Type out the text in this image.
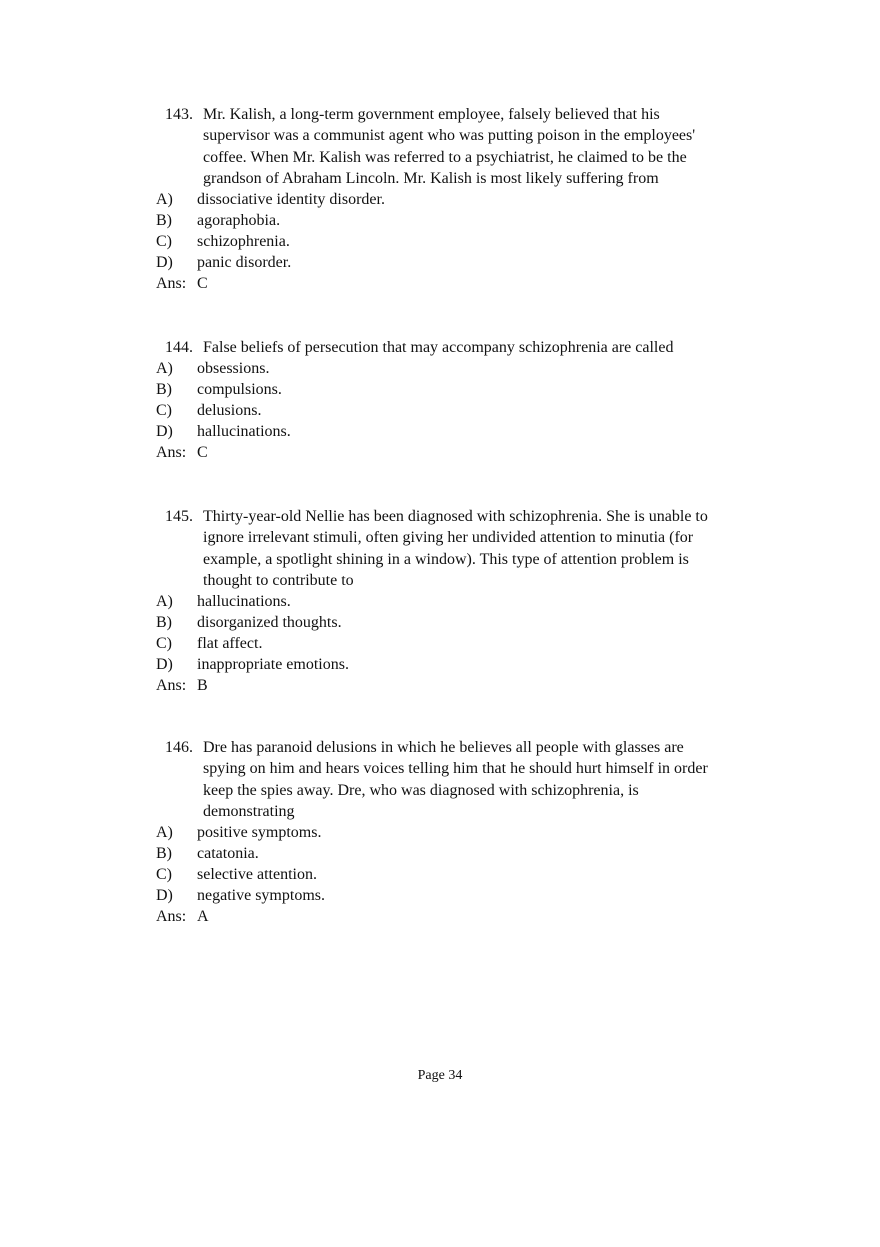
143. Mr. Kalish, a long-term government employee, falsely believed that his
supervisor was a communist agent who was putting poison in the employees'
coffee. When Mr. Kalish was referred to a psychiatrist, he claimed to be the
grandson of Abraham Lincoln. Mr. Kalish is most likely suffering from
A) dissociative identity disorder.
B) agoraphobia.
C) schizophrenia.
D) panic disorder.
Ans: C
144. False beliefs of persecution that may accompany schizophrenia are called
A) obsessions.
B) compulsions.
C) delusions.
D) hallucinations.
Ans: C
145. Thirty-year-old Nellie has been diagnosed with schizophrenia. She is unable to
ignore irrelevant stimuli, often giving her undivided attention to minutia (for
example, a spotlight shining in a window). This type of attention problem is
thought to contribute to
A) hallucinations.
B) disorganized thoughts.
C) flat affect.
D) inappropriate emotions.
Ans: B
146. Dre has paranoid delusions in which he believes all people with glasses are
spying on him and hears voices telling him that he should hurt himself in order
keep the spies away. Dre, who was diagnosed with schizophrenia, is
demonstrating
A) positive symptoms.
B) catatonia.
C) selective attention.
D) negative symptoms.
Ans: A
Page 34
